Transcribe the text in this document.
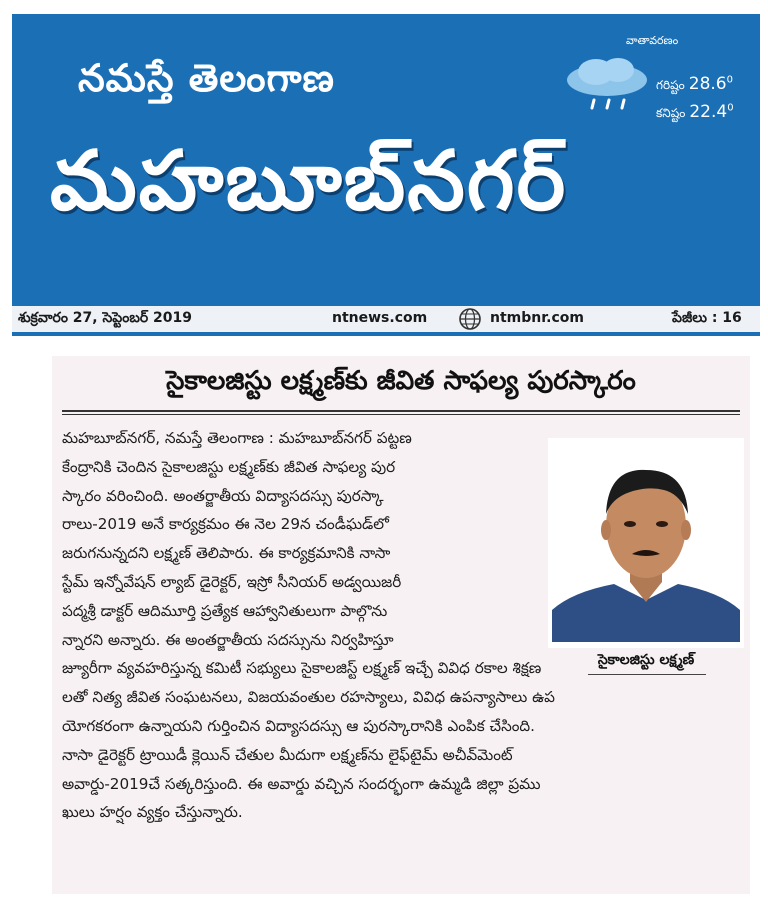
నమస్తే తెలంగాణ
వాతావరణం
గరిష్టం 28.6$^0$
కనిష్టం 22.4$^0$
మహబూబ్‌నగర్
శుక్రవారం 27, సెప్టెంబర్ 2019	ntnews.com	ntmbnr.com	పేజీలు : 16
సైకాలజిస్టు లక్ష్మణ్‌కు జీవిత సాఫల్య పురస్కారం
మహబూబ్‌నగర్, నమస్తే తెలంగాణ : మహబూబ్‌నగర్ పట్టణ
కేంద్రానికి చెందిన సైకాలజిస్టు లక్ష్మణ్‌కు జీవిత సాఫల్య పుర
స్కారం వరించింది. అంతర్జాతీయ విద్యాసదస్సు పురస్కా
రాలు-2019 అనే కార్యక్రమం ఈ నెల 29న చండీఘడ్‌లో
జరుగనున్నదని లక్ష్మణ్ తెలిపారు. ఈ కార్యక్రమానికి నాసా
స్టేమ్ ఇన్నోవేషన్ ల్యాబ్ డైరెక్టర్, ఇస్రో సీనియర్ అడ్వయిజరీ
పద్మశ్రీ డాక్టర్ ఆదిమూర్తి ప్రత్యేక ఆహ్వానితులుగా పాల్గొను
న్నారని అన్నారు. ఈ అంతర్జాతీయ సదస్సును నిర్వహిస్తూ
జ్యూరీగా వ్యవహరిస్తున్న కమిటీ సభ్యులు సైకాలజిస్ట్ లక్ష్మణ్ ఇచ్చే వివిధ రకాల శిక్షణ
లతో నిత్య జీవిత సంఘటనలు, విజయవంతుల రహస్యాలు, వివిధ ఉపన్యాసాలు ఉప
యోగకరంగా ఉన్నాయని గుర్తించిన విద్యాసదస్సు ఆ పురస్కారానికి ఎంపిక చేసింది.
నాసా డైరెక్టర్ ట్రాయిడీ క్లెయిన్ చేతుల మీదుగా లక్ష్మణ్‌ను లైఫ్‌టైమ్ అచీవ్‌మెంట్
అవార్డు-2019చే సత్కరిస్తుంది. ఈ అవార్డు వచ్చిన సందర్భంగా ఉమ్మడి జిల్లా ప్రము
ఖులు హర్షం వ్యక్తం చేస్తున్నారు.
సైకాలజిస్టు లక్ష్మణ్
